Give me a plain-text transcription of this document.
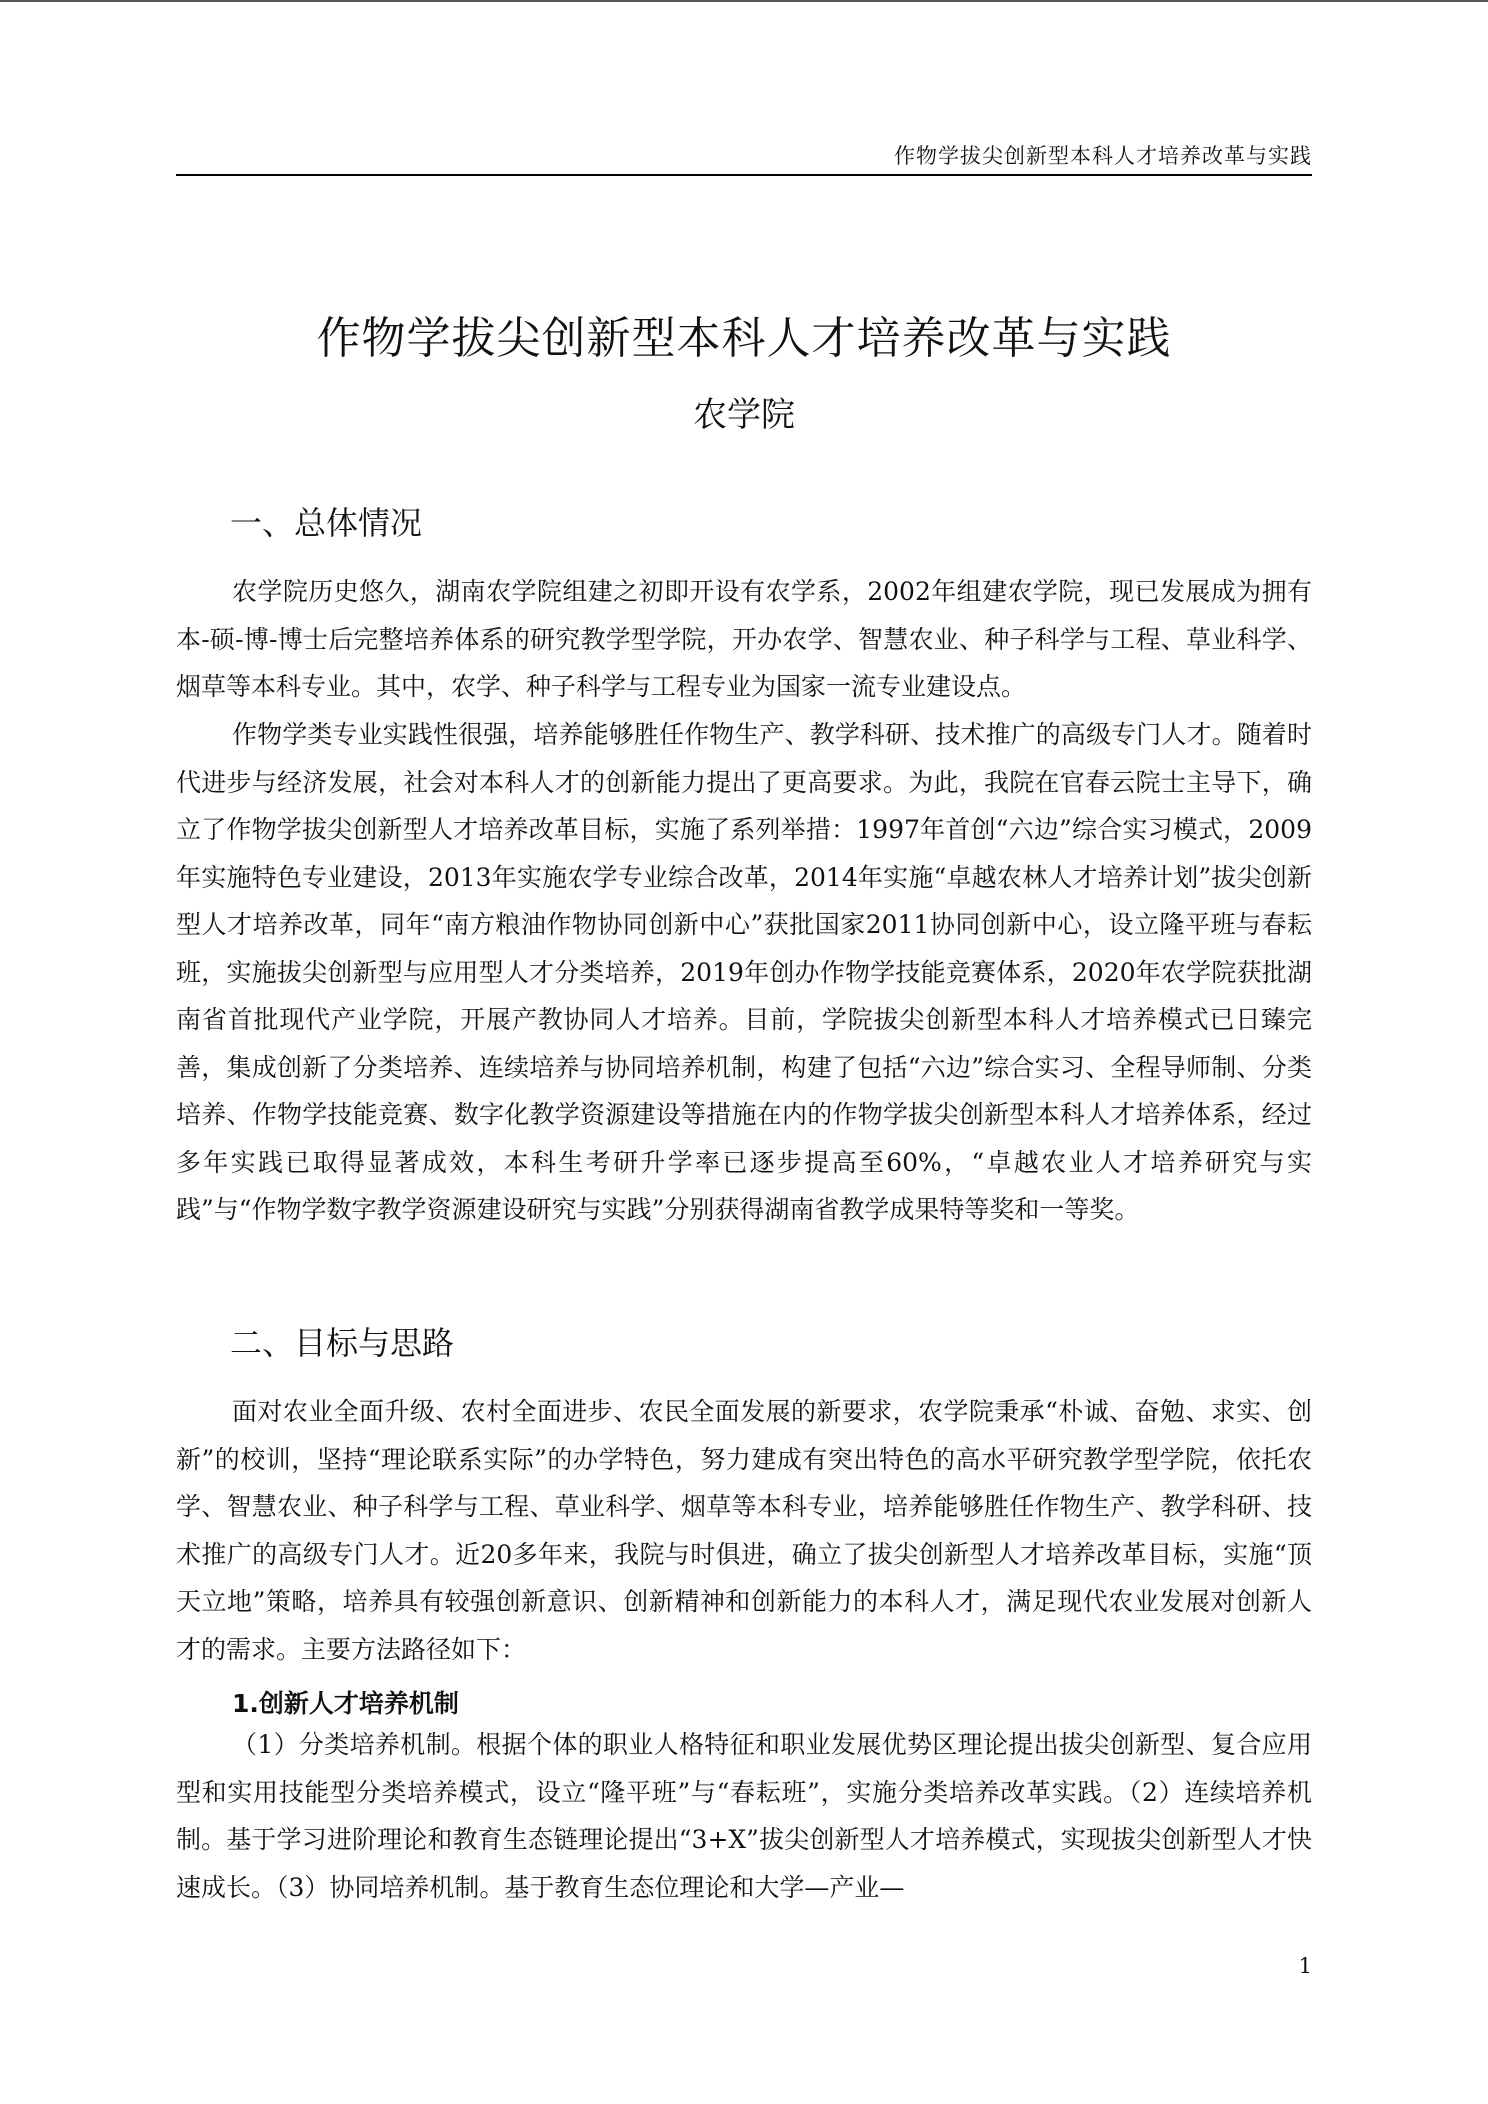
作物学拔尖创新型本科人才培养改革与实践
作物学拔尖创新型本科人才培养改革与实践
农学院
一、总体情况

农学院历史悠久，湖南农学院组建之初即开设有农学系，2002年组建农学院，现已发展成为拥有本-硕-博-博士后完整培养体系的研究教学型学院，开办农学、智慧农业、种子科学与工程、草业科学、烟草等本科专业。其中，农学、种子科学与工程专业为国家一流专业建设点。

作物学类专业实践性很强，培养能够胜任作物生产、教学科研、技术推广的高级专门人才。随着时代进步与经济发展，社会对本科人才的创新能力提出了更高要求。为此，我院在官春云院士主导下，确立了作物学拔尖创新型人才培养改革目标，实施了系列举措：1997年首创“六边”综合实习模式，2009年实施特色专业建设，2013年实施农学专业综合改革，2014年实施“卓越农林人才培养计划”拔尖创新型人才培养改革，同年“南方粮油作物协同创新中心”获批国家2011协同创新中心，设立隆平班与春耘班，实施拔尖创新型与应用型人才分类培养，2019年创办作物学技能竞赛体系，2020年农学院获批湖南省首批现代产业学院，开展产教协同人才培养。目前，学院拔尖创新型本科人才培养模式已日臻完善，集成创新了分类培养、连续培养与协同培养机制，构建了包括“六边”综合实习、全程导师制、分类培养、作物学技能竞赛、数字化教学资源建设等措施在内的作物学拔尖创新型本科人才培养体系，经过多年实践已取得显著成效，本科生考研升学率已逐步提高至60%，“卓越农业人才培养研究与实践”与“作物学数字教学资源建设研究与实践”分别获得湖南省教学成果特等奖和一等奖。

二、目标与思路

面对农业全面升级、农村全面进步、农民全面发展的新要求，农学院秉承“朴诚、奋勉、求实、创新”的校训，坚持“理论联系实际”的办学特色，努力建成有突出特色的高水平研究教学型学院，依托农学、智慧农业、种子科学与工程、草业科学、烟草等本科专业，培养能够胜任作物生产、教学科研、技术推广的高级专门人才。近20多年来，我院与时俱进，确立了拔尖创新型人才培养改革目标，实施“顶天立地”策略，培养具有较强创新意识、创新精神和创新能力的本科人才，满足现代农业发展对创新人才的需求。主要方法路径如下：

1.创新人才培养机制

（1）分类培养机制。根据个体的职业人格特征和职业发展优势区理论提出拔尖创新型、复合应用型和实用技能型分类培养模式，设立“隆平班”与“春耘班”，实施分类培养改革实践。（2）连续培养机制。基于学习进阶理论和教育生态链理论提出“3+X”拔尖创新型人才培养模式，实现拔尖创新型人才快速成长。（3）协同培养机制。基于教育生态位理论和大学—产业—

1
